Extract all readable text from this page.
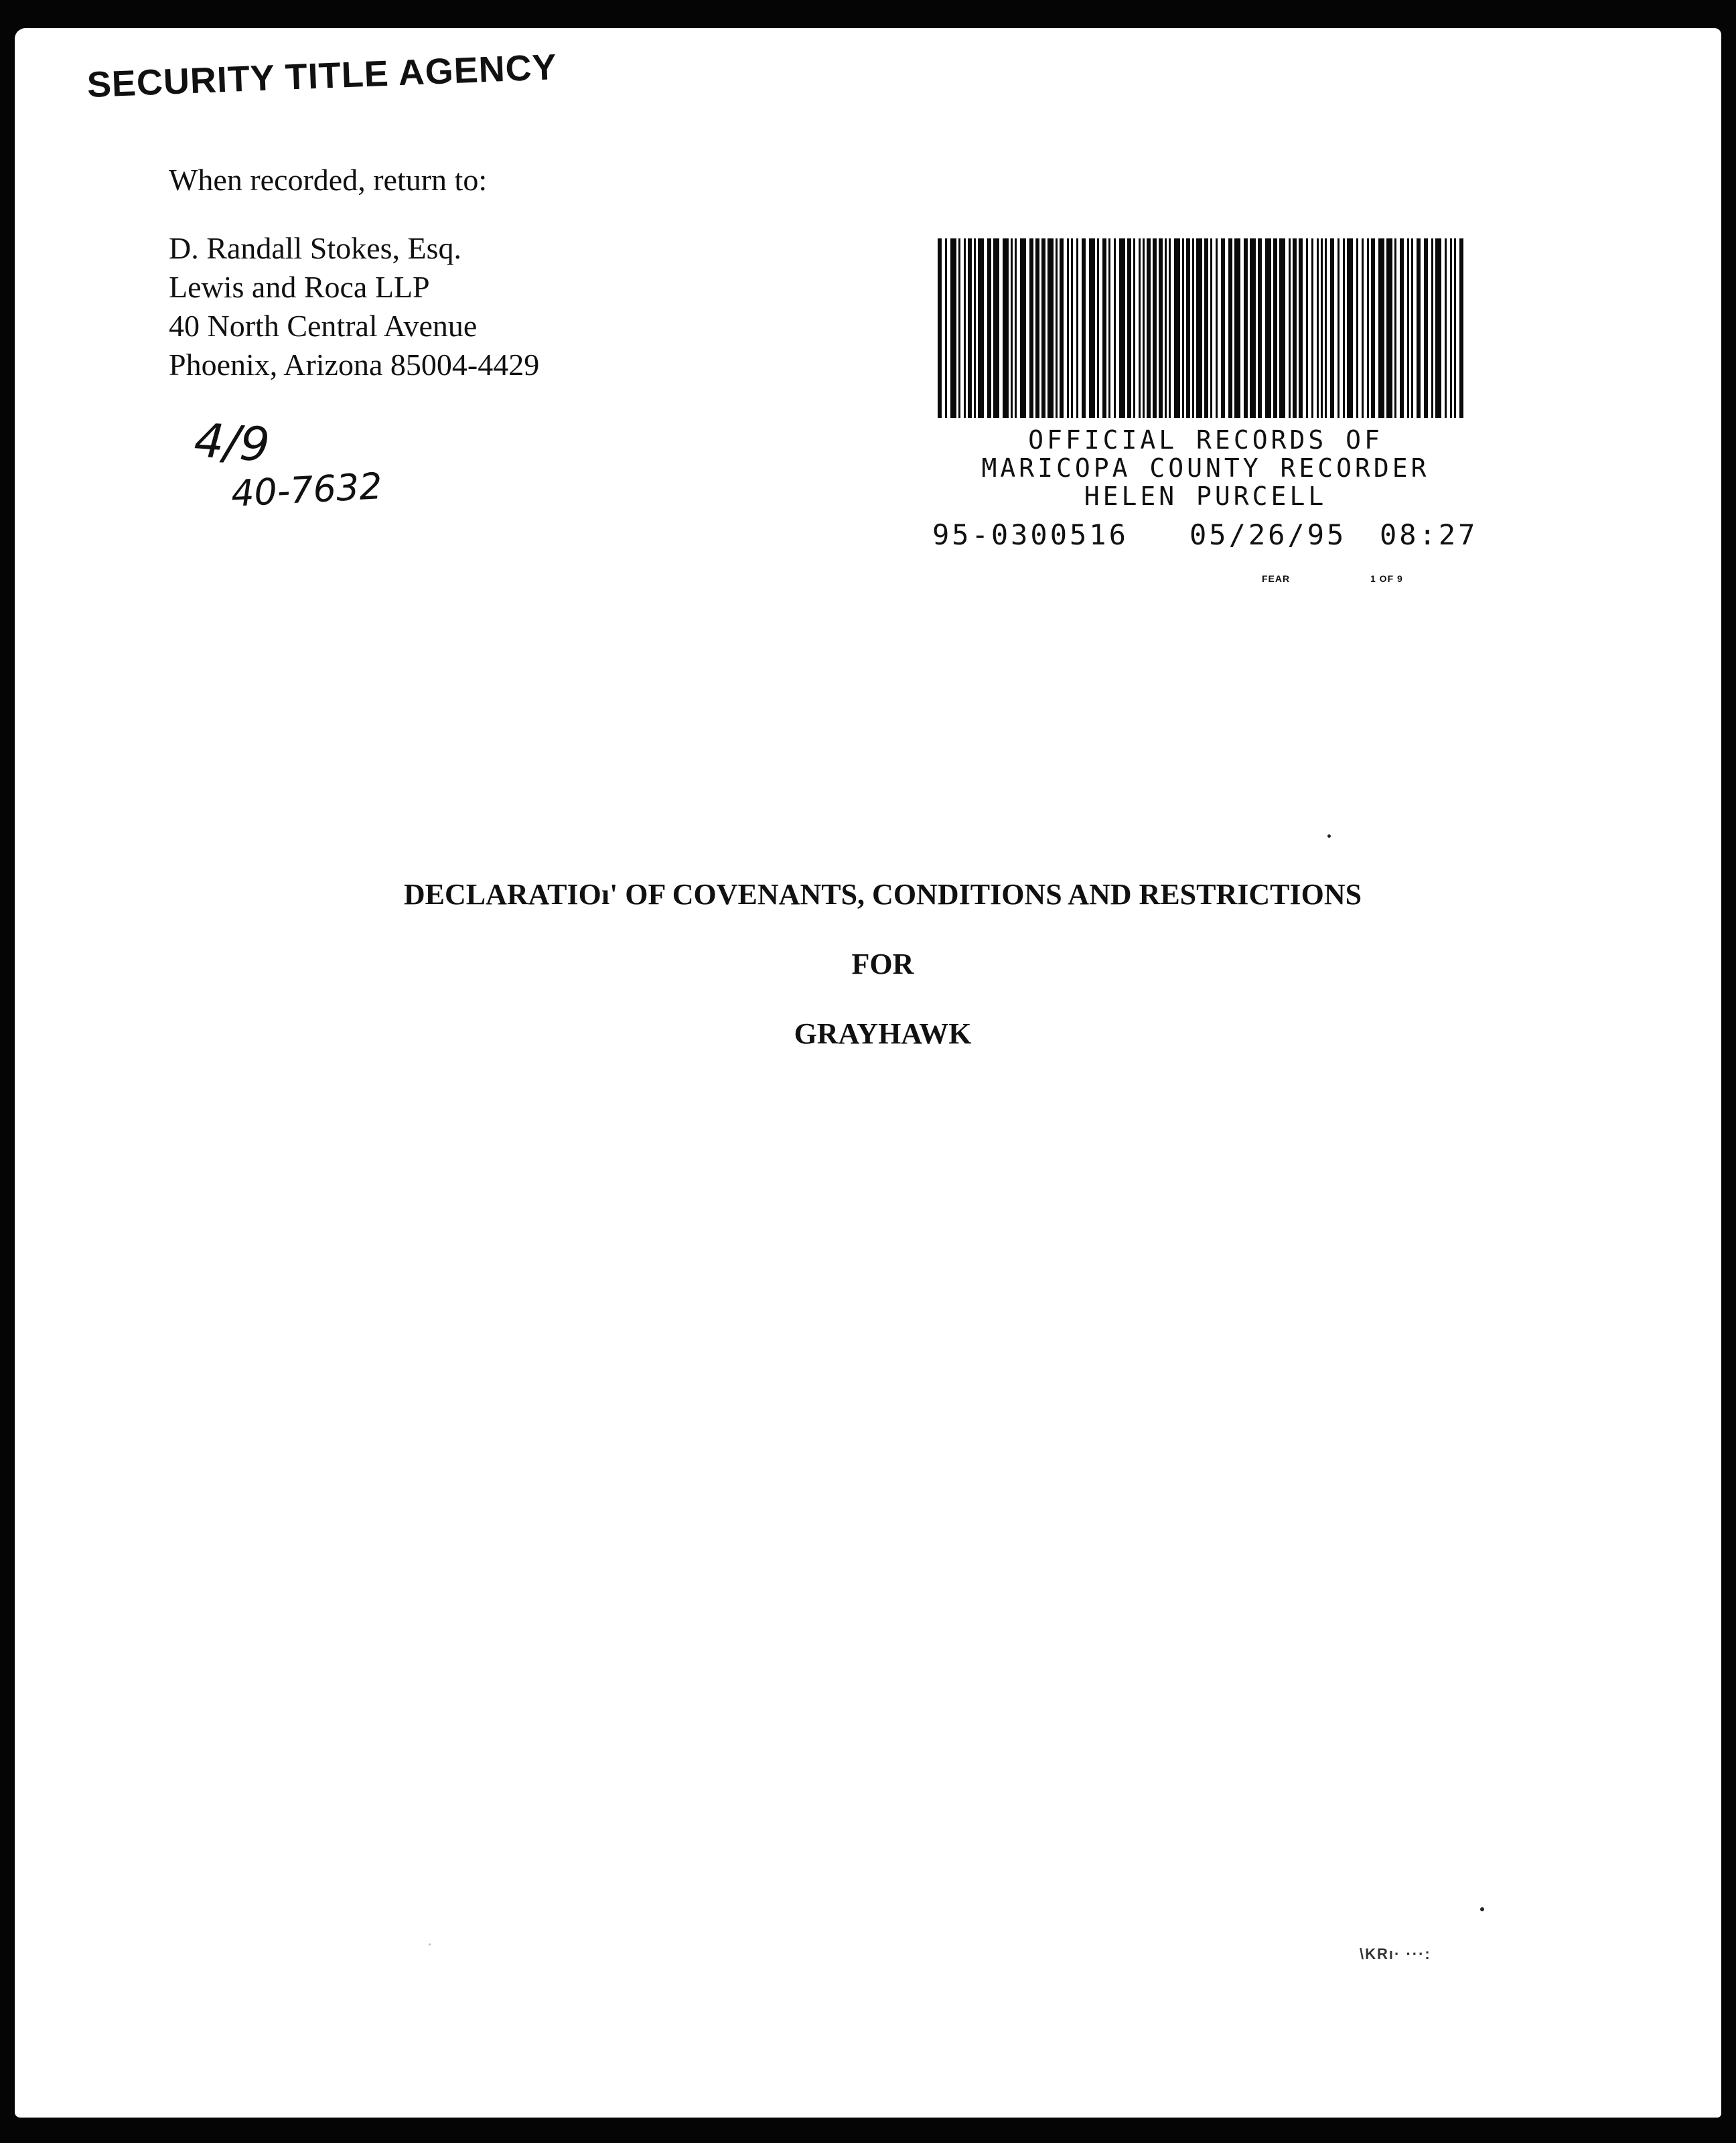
SECURITY TITLE AGENCY
When recorded, return to:
D. Randall Stokes, Esq.
Lewis and Roca LLP
40 North Central Avenue
Phoenix, Arizona 85004-4429
4/9
40-7632
OFFICIAL RECORDS OF
MARICOPA COUNTY RECORDER
HELEN PURCELL
95-0300516 05/26/95 08:27
FEAR	1 OF 9
DECLARATIOı' OF COVENANTS, CONDITIONS AND RESTRICTIONS
FOR
GRAYHAWK
\KRı· ···:
